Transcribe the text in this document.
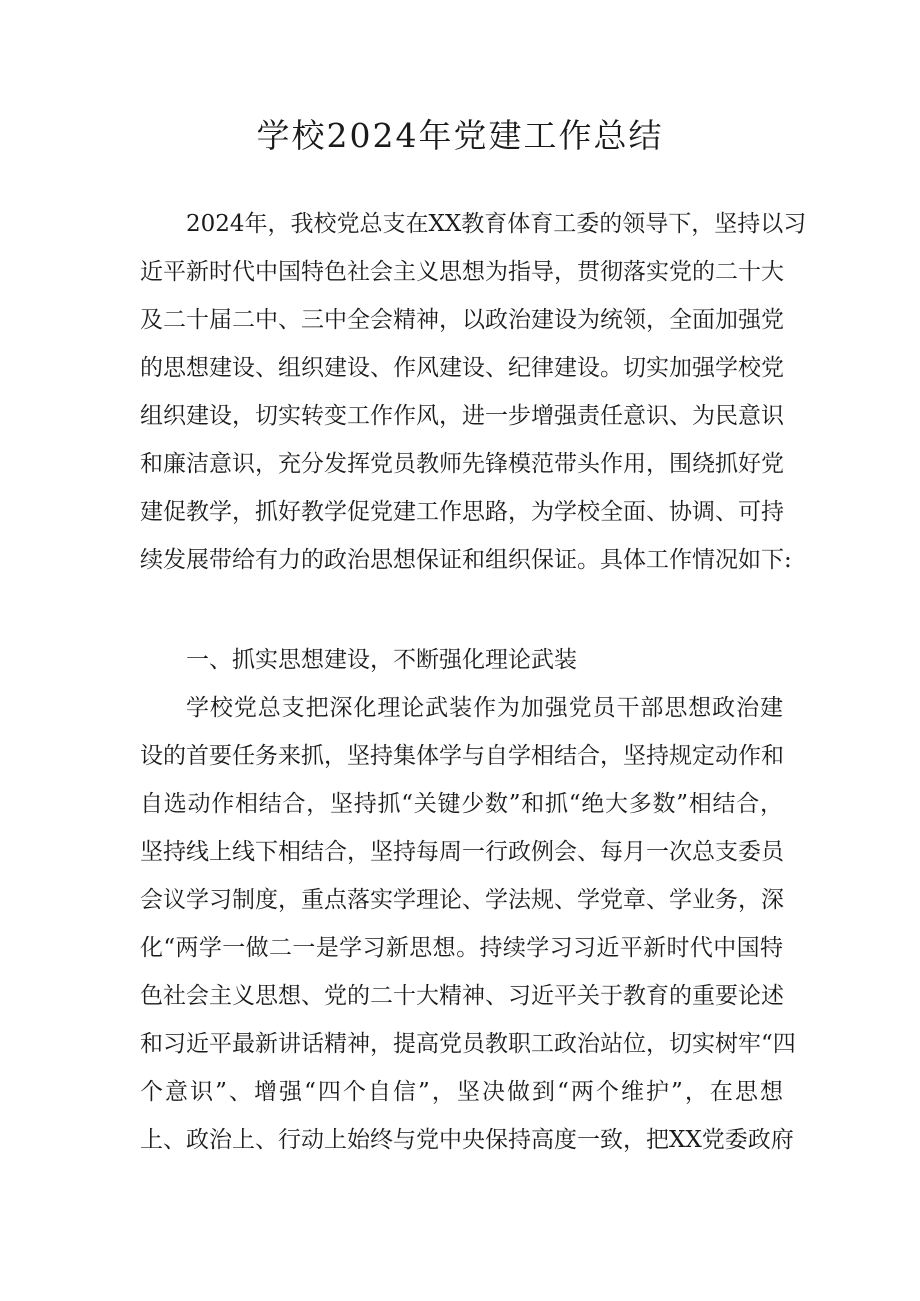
学校2024年党建工作总结

2024年，我校党总支在XX教育体育工委的领导下，坚持以习

近平新时代中国特色社会主义思想为指导，贯彻落实党的二十大

及二十届二中、三中全会精神，以政治建设为统领，全面加强党

的思想建设、组织建设、作风建设、纪律建设。切实加强学校党

组织建设，切实转变工作作风，进一步增强责任意识、为民意识

和廉洁意识，充分发挥党员教师先锋模范带头作用，围绕抓好党

建促教学，抓好教学促党建工作思路，为学校全面、协调、可持

续发展带给有力的政治思想保证和组织保证。具体工作情况如下:

一、抓实思想建设，不断强化理论武装

学校党总支把深化理论武装作为加强党员干部思想政治建

设的首要任务来抓，坚持集体学与自学相结合，坚持规定动作和

自选动作相结合，坚持抓“关键少数”和抓“绝大多数”相结合，

坚持线上线下相结合，坚持每周一行政例会、每月一次总支委员

会议学习制度，重点落实学理论、学法规、学党章、学业务，深

化“两学一做二一是学习新思想。持续学习习近平新时代中国特

色社会主义思想、党的二十大精神、习近平关于教育的重要论述

和习近平最新讲话精神，提高党员教职工政治站位，切实树牢“四

个意识”、增强“四个自信”，坚决做到“两个维护”，在思想

上、政治上、行动上始终与党中央保持高度一致，把XX党委政府
